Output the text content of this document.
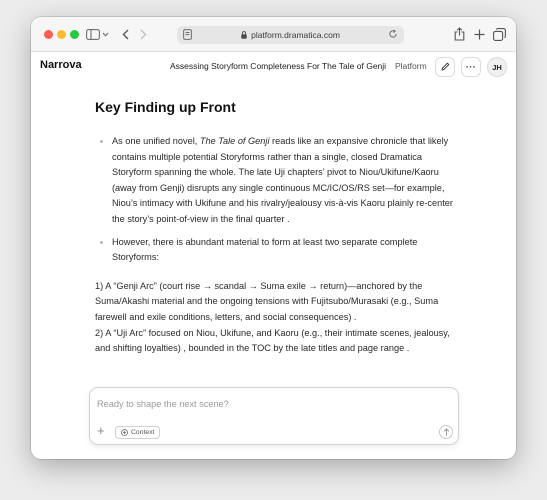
platform.dramatica.com
Narrova	Assessing Storyform Completeness For The Tale of Genji Platform	···	JH
Key Finding up Front
As one unified novel, The Tale of Genji reads like an expansive chronicle that likely contains multiple potential Storyforms rather than a single, closed Dramatica Storyform spanning the whole. The late Uji chapters’ pivot to Niou/Ukifune/Kaoru (away from Genji) disrupts any single continuous MC/IC/OS/RS set—for example, Niou’s intimacy with Ukifune and his rivalry/jealousy vis-à-vis Kaoru plainly re-center the story’s point-of-view in the final quarter .
However, there is abundant material to form at least two separate complete Storyforms:

1) A “Genji Arc” (court rise → scandal → Suma exile → return)—anchored by the Suma/Akashi material and the ongoing tensions with Fujitsubo/Murasaki (e.g., Suma farewell and exile conditions, letters, and social consequences) .

2) A “Uji Arc” focused on Niou, Ukifune, and Kaoru (e.g., their intimate scenes, jealousy, and shifting loyalties) , bounded in the TOC by the late titles and page range .

Ready to shape the next scene?
+	Context
